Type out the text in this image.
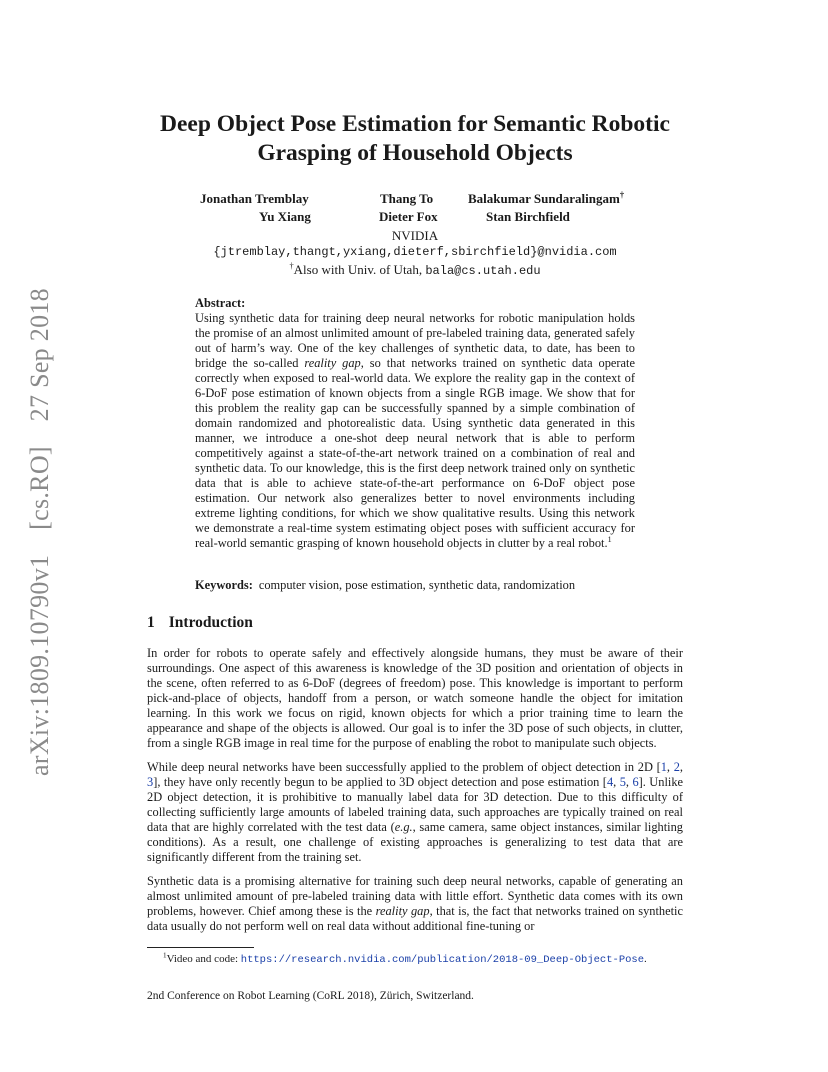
arXiv:1809.10790v1 [cs.RO] 27 Sep 2018
Deep Object Pose Estimation for Semantic Robotic
Grasping of Household Objects
Jonathan Tremblay	Thang To	Balakumar Sundaralingam†
Yu Xiang	Dieter Fox	Stan Birchfield
NVIDIA
{jtremblay,thangt,yxiang,dieterf,sbirchfield}@nvidia.com
†Also with Univ. of Utah, bala@cs.utah.edu
Abstract:
Using synthetic data for training deep neural networks for robotic manipulation holds the promise of an almost unlimited amount of pre-labeled training data, generated safely out of harm’s way. One of the key challenges of synthetic data, to date, has been to bridge the so-called reality gap, so that networks trained on synthetic data operate correctly when exposed to real-world data. We explore the reality gap in the context of 6-DoF pose estimation of known objects from a single RGB image. We show that for this problem the reality gap can be successfully spanned by a simple combination of domain randomized and photorealistic data. Using synthetic data generated in this manner, we introduce a one-shot deep neural network that is able to perform competitively against a state-of-the-art network trained on a combination of real and synthetic data. To our knowledge, this is the first deep network trained only on synthetic data that is able to achieve state-of-the-art performance on 6-DoF object pose estimation. Our network also generalizes better to novel environments including extreme lighting conditions, for which we show qualitative results. Using this network we demonstrate a real-time system estimating object poses with sufficient accuracy for real-world semantic grasping of known household objects in clutter by a real robot.$^1$
Keywords: computer vision, pose estimation, synthetic data, randomization
1 Introduction

In order for robots to operate safely and effectively alongside humans, they must be aware of their surroundings. One aspect of this awareness is knowledge of the 3D position and orientation of objects in the scene, often referred to as 6-DoF (degrees of freedom) pose. This knowledge is important to perform pick-and-place of objects, handoff from a person, or watch someone handle the object for imitation learning. In this work we focus on rigid, known objects for which a prior training time to learn the appearance and shape of the objects is allowed. Our goal is to infer the 3D pose of such objects, in clutter, from a single RGB image in real time for the purpose of enabling the robot to manipulate such objects.

While deep neural networks have been successfully applied to the problem of object detection in 2D [1, 2, 3], they have only recently begun to be applied to 3D object detection and pose estimation [4, 5, 6]. Unlike 2D object detection, it is prohibitive to manually label data for 3D detection. Due to this difficulty of collecting sufficiently large amounts of labeled training data, such approaches are typically trained on real data that are highly correlated with the test data (e.g., same camera, same object instances, similar lighting conditions). As a result, one challenge of existing approaches is generalizing to test data that are significantly different from the training set.

Synthetic data is a promising alternative for training such deep neural networks, capable of generating an almost unlimited amount of pre-labeled training data with little effort. Synthetic data comes with its own problems, however. Chief among these is the reality gap, that is, the fact that networks trained on synthetic data usually do not perform well on real data without additional fine-tuning or

$^1$Video and code: https://research.nvidia.com/publication/2018-09_Deep-Object-Pose.
2nd Conference on Robot Learning (CoRL 2018), Zürich, Switzerland.
